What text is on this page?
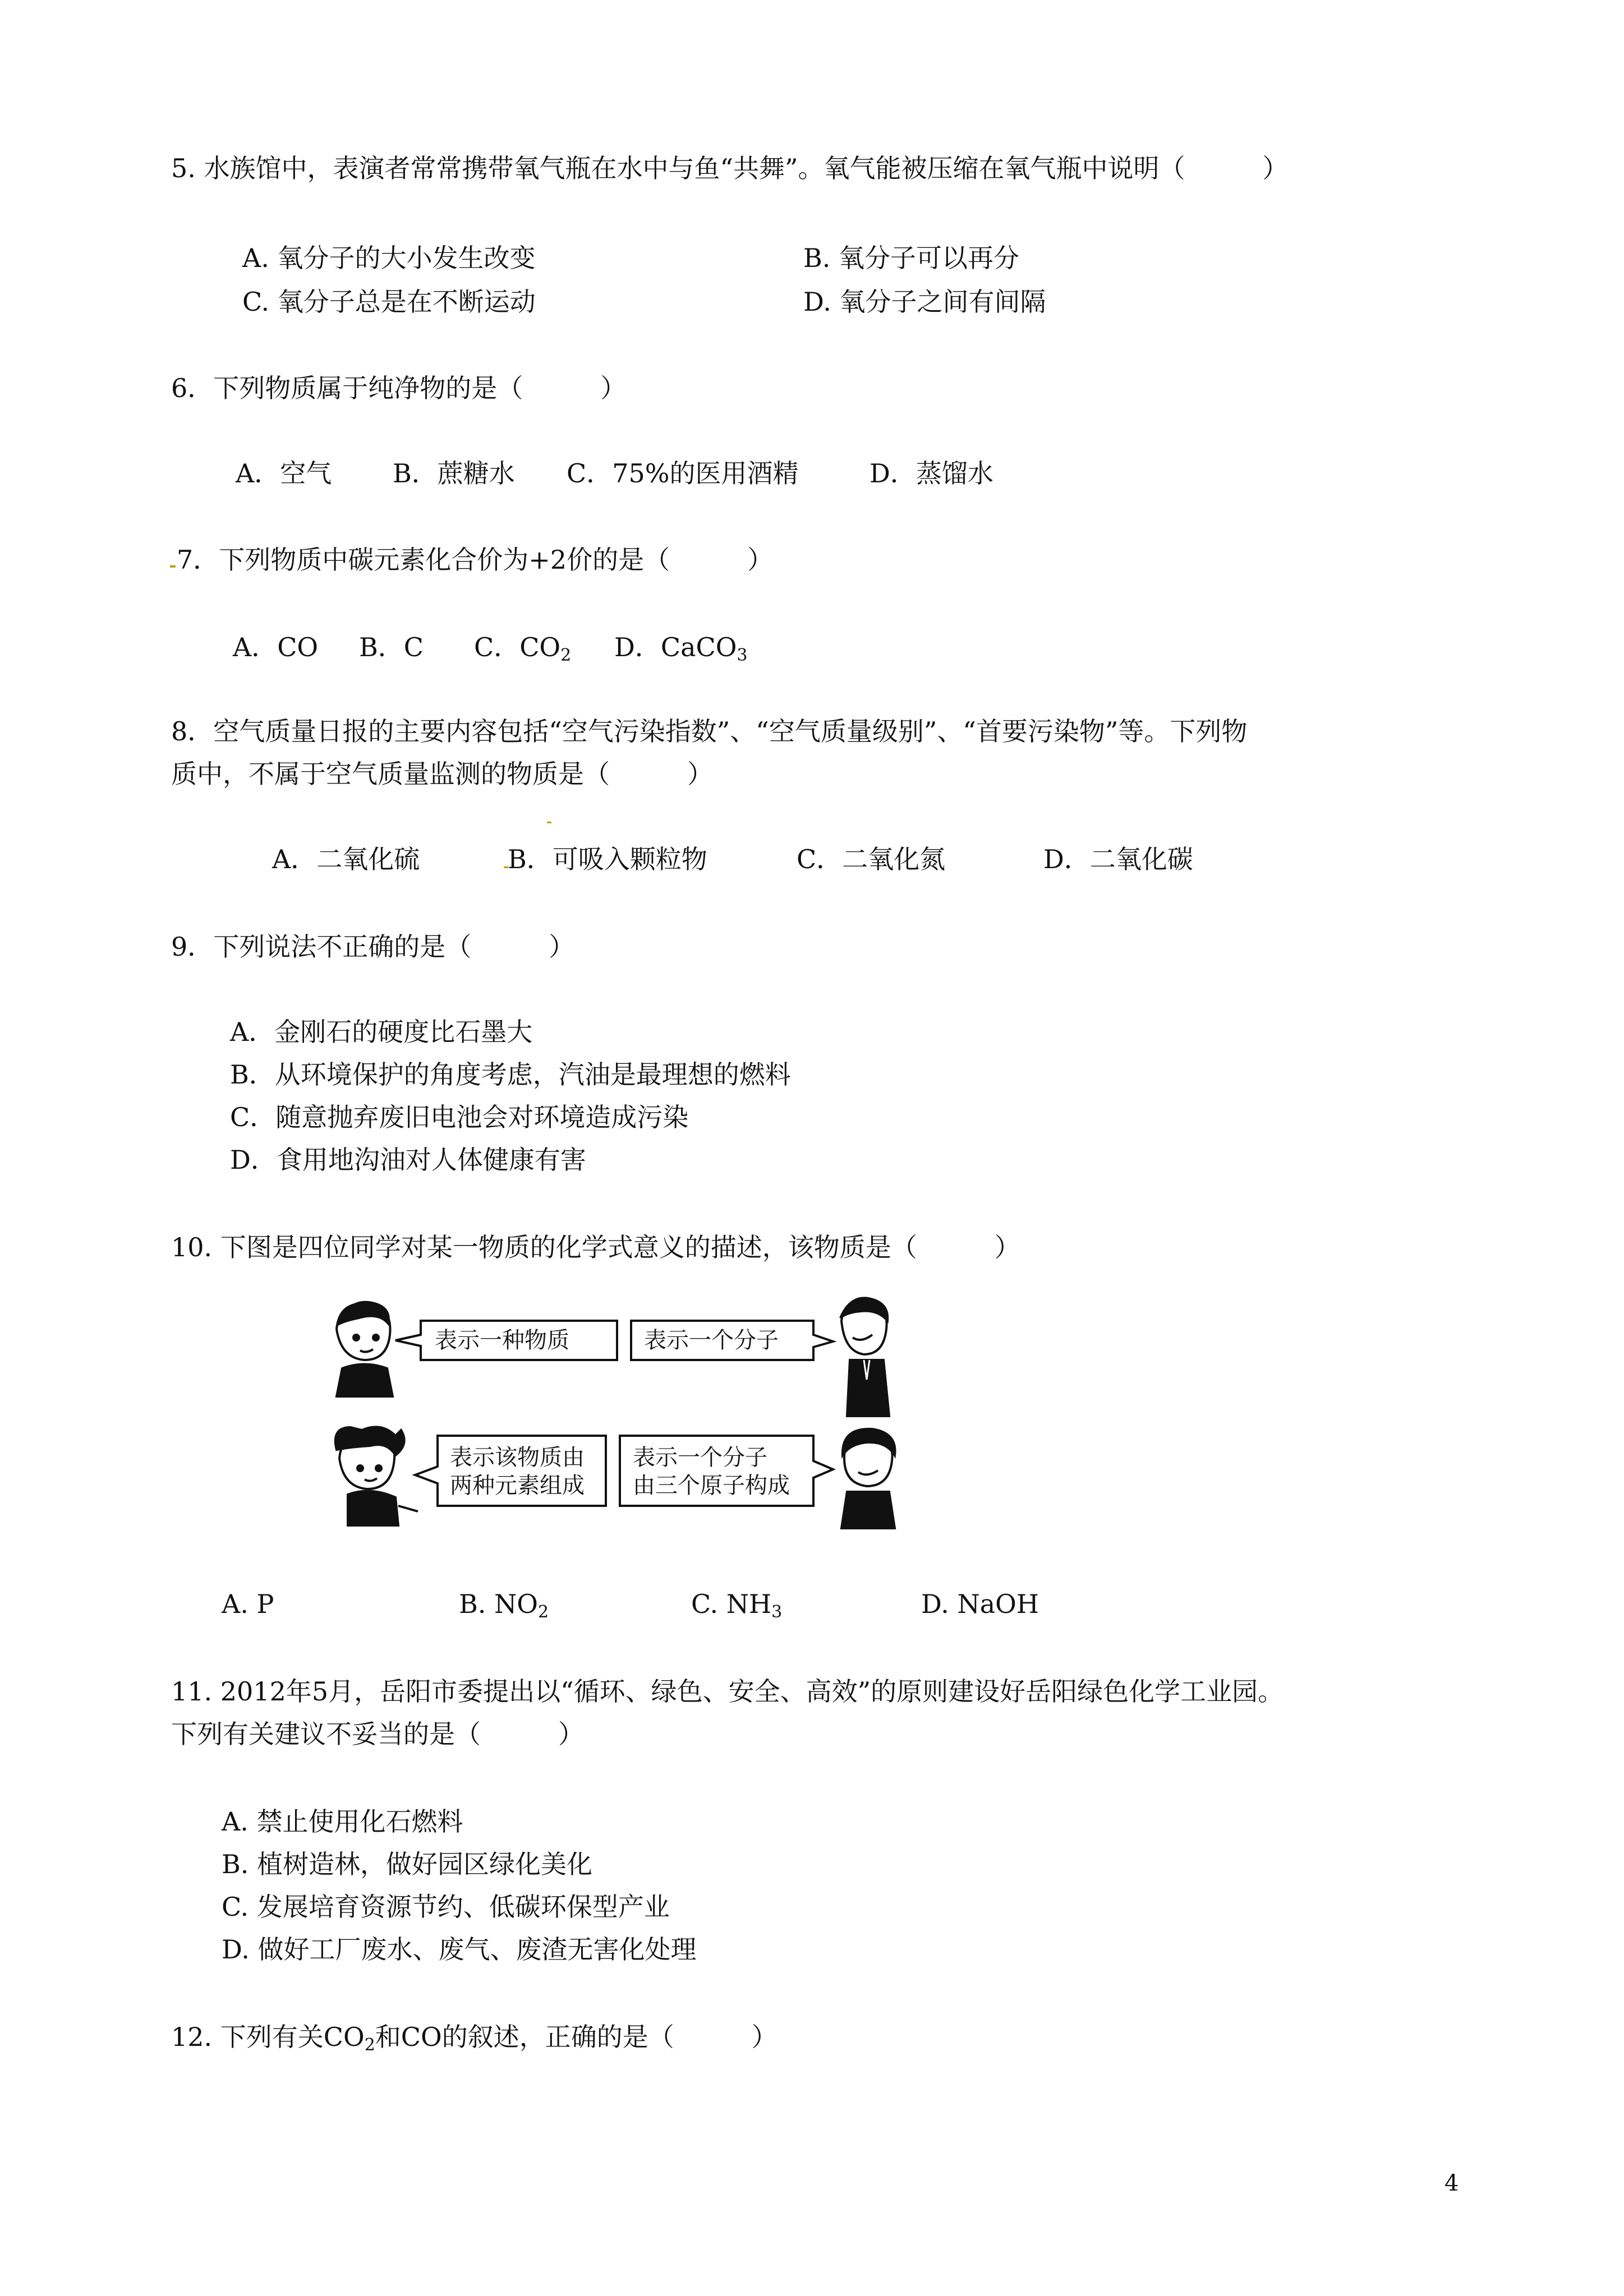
5. 水族馆中，表演者常常携带氧气瓶在水中与鱼“共舞”。氧气能被压缩在氧气瓶中说明（　　　）
A. 氧分子的大小发生改变	B. 氧分子可以再分
C. 氧分子总是在不断运动	D. 氧分子之间有间隔
6．下列物质属于纯净物的是（　　　）
A．空气 B．蔗糖水 C．75%的医用酒精	D．蒸馏水
7．下列物质中碳元素化合价为+2价的是（　　　）
A．CO B．C C．$CO_2$ D．CaCO$_3$
8．空气质量日报的主要内容包括“空气污染指数”、“空气质量级别”、“首要污染物”等。下列物
质中，不属于空气质量监测的物质是（　　　）
A．二氧化硫	B．可吸入颗粒物	C．二氧化氮	D．二氧化碳
9．下列说法不正确的是（　　　）
A．金刚石的硬度比石墨大
B．从环境保护的角度考虑，汽油是最理想的燃料
C．随意抛弃废旧电池会对环境造成污染
D．食用地沟油对人体健康有害
10. 下图是四位同学对某一物质的化学式意义的描述，该物质是（　　　）
表示一种物质	表示一个分子
表示该物质由
两种元素组成
表示一个分子
由三个原子构成
A. P	B. $NO_2$	C. $NH_3$	D. NaOH
11. 2012年5月，岳阳市委提出以“循环、绿色、安全、高效”的原则建设好岳阳绿色化学工业园。
下列有关建议不妥当的是（　　　）
A. 禁止使用化石燃料
B. 植树造林，做好园区绿化美化
C. 发展培育资源节约、低碳环保型产业
D. 做好工厂废水、废气、废渣无害化处理
12. 下列有关$CO_2$和CO的叙述，正确的是（　　　）
4
